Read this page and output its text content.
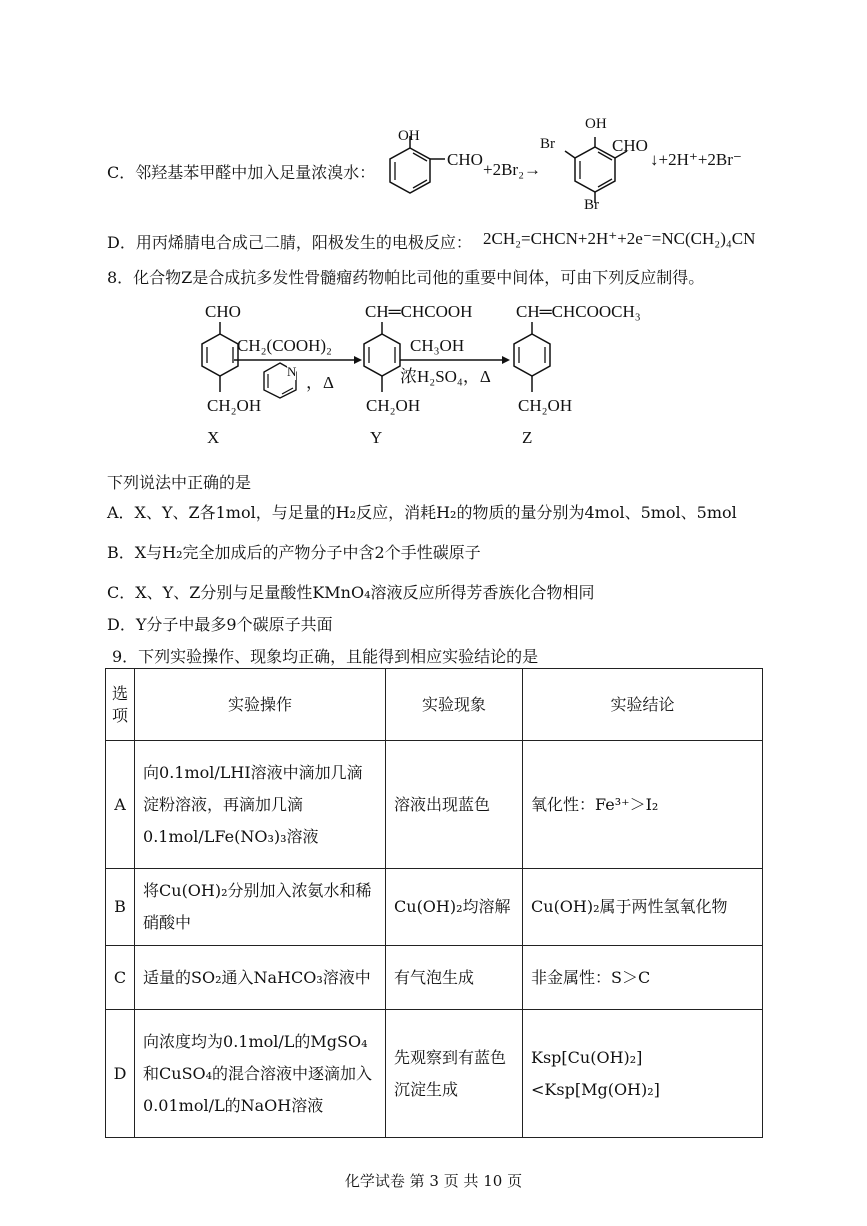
C．邻羟基苯甲醛中加入足量浓溴水：
OH
CHO
+2Br₂→
OH
Br	CHO
Br
↓+2H⁺+2Br⁻
D．用丙烯腈电合成己二腈，阳极发生的电极反应： 2CH₂=CHCN+2H⁺+2e⁻=NC(CH₂)₄CN
8．化合物Z是合成抗多发性骨髓瘤药物帕比司他的重要中间体，可由下列反应制得。
CHO
CH₂OH
X
CH₂(COOH)₂
N
，Δ
CH═CHCOOH
CH₂OH
Y
CH₃OH
浓H₂SO₄，Δ
CH═CHCOOCH₃
CH₂OH
Z
下列说法中正确的是
A．X、Y、Z各1mol，与足量的H₂反应，消耗H₂的物质的量分别为4mol、5mol、5mol
B．X与H₂完全加成后的产物分子中含2个手性碳原子
C．X、Y、Z分别与足量酸性KMnO₄溶液反应所得芳香族化合物相同
D．Y分子中最多9个碳原子共面
9．下列实验操作、现象均正确，且能得到相应实验结论的是
选项	实验操作	实验现象	实验结论
A	向0.1mol/LHI溶液中滴加几滴淀粉溶液，再滴加几滴0.1mol/LFe(NO₃)₃溶液	溶液出现蓝色	氧化性：Fe³⁺＞I₂
B	将Cu(OH)₂分别加入浓氨水和稀硝酸中	Cu(OH)₂均溶解	Cu(OH)₂属于两性氢氧化物
C	适量的SO₂通入NaHCO₃溶液中	有气泡生成	非金属性：S＞C
D	向浓度均为0.1mol/L的MgSO₄和CuSO₄的混合溶液中逐滴加入0.01mol/L的NaOH溶液	先观察到有蓝色沉淀生成	Ksp[Cu(OH)₂]<Ksp[Mg(OH)₂]
化学试卷 第 3 页 共 10 页
